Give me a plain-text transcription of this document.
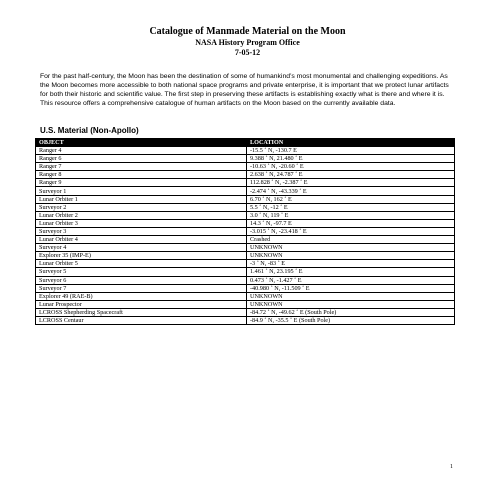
Catalogue of Manmade Material on the Moon
NASA History Program Office
7-05-12

For the past half-century, the Moon has been the destination of some of humankind’s most monumental and challenging expeditions. As the Moon becomes more accessible to both national space programs and private enterprise, it is important that we protect lunar artifacts for both their historic and scientific value. The first step in preserving these artifacts is establishing exactly what is there and where it is. This resource offers a comprehensive catalogue of human artifacts on the Moon based on the currently available data.

U.S. Material (Non-Apollo)
OBJECT	LOCATION
Ranger 4	-15.5 ˚ N, -130.7 E
Ranger 6	9.388 ˚ N, 21.480 ˚ E
Ranger 7	-10.63 ˚ N, -20.60 ˚ E
Ranger 8	2.638 ˚ N, 24.787 ˚ E
Ranger 9	112.828 ˚ N, -2.387 ˚ E
Surveyor 1	-2.474 ˚ N, -43.339 ˚ E
Lunar Orbiter 1	6.70 ˚ N, 162 ˚ E
Surveyor 2	5.5 ˚ N, -12 ˚ E
Lunar Orbiter 2	3.0 ˚ N, 119 ˚ E
Lunar Orbiter 3	14.3 ˚ N, -97.7 E
Surveyor 3	-3.015 ˚ N, -23.418 ˚ E
Lunar Orbiter 4	Crashed
Surveyor 4	UNKNOWN
Explorer 35 (IMP-E)	UNKNOWN
Lunar Orbiter 5	-3 ˚ N, -83 ˚ E
Surveyor 5	1.461 ˚ N, 23.195 ˚ E
Surveyor 6	0.473 ˚ N, -1.427 ˚ E
Surveyor 7	-40.980 ˚ N, -11.509 ˚ E
Explorer 49 (RAE-B)	UNKNOWN
Lunar Prospector	UNKNOWN
LCROSS Shepherding Spacecraft	-84.72 ˚ N, -49.62 ˚ E (South Pole)
LCROSS Centaur	-84.9 ˚ N, -35.5 ˚ E (South Pole)
1
